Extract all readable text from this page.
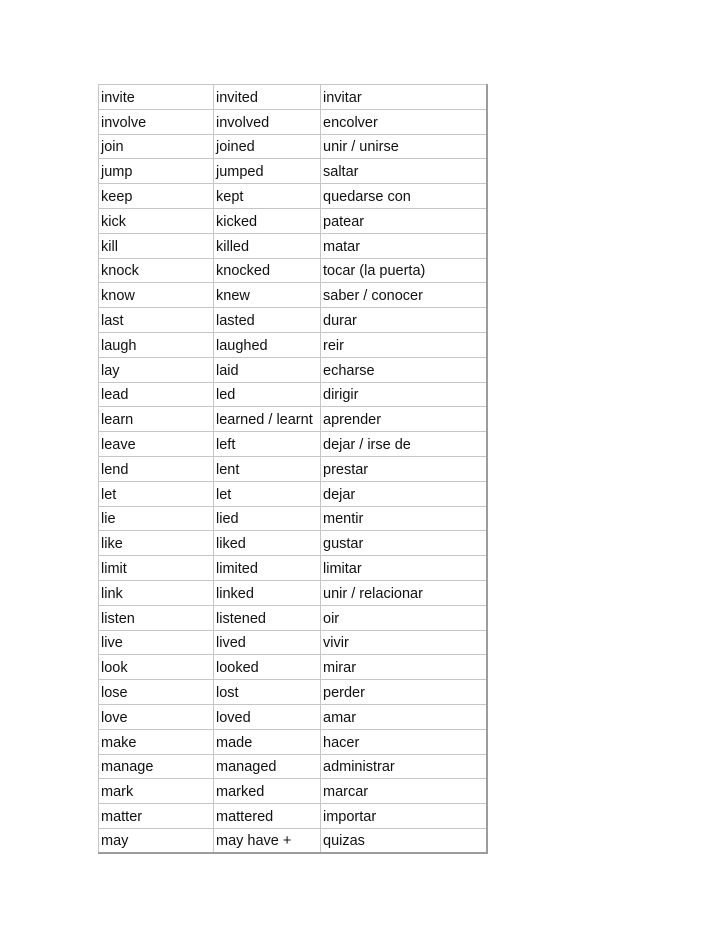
invite	invited	invitar
involve	involved	encolver
join	joined	unir / unirse
jump	jumped	saltar
keep	kept	quedarse con
kick	kicked	patear
kill	killed	matar
knock	knocked	tocar (la puerta)
know	knew	saber / conocer
last	lasted	durar
laugh	laughed	reir
lay	laid	echarse
lead	led	dirigir
learn	learned / learnt	aprender
leave	left	dejar / irse de
lend	lent	prestar
let	let	dejar
lie	lied	mentir
like	liked	gustar
limit	limited	limitar
link	linked	unir / relacionar
listen	listened	oir
live	lived	vivir
look	looked	mirar
lose	lost	perder
love	loved	amar
make	made	hacer
manage	managed	administrar
mark	marked	marcar
matter	mattered	importar
may	may have +	quizas
